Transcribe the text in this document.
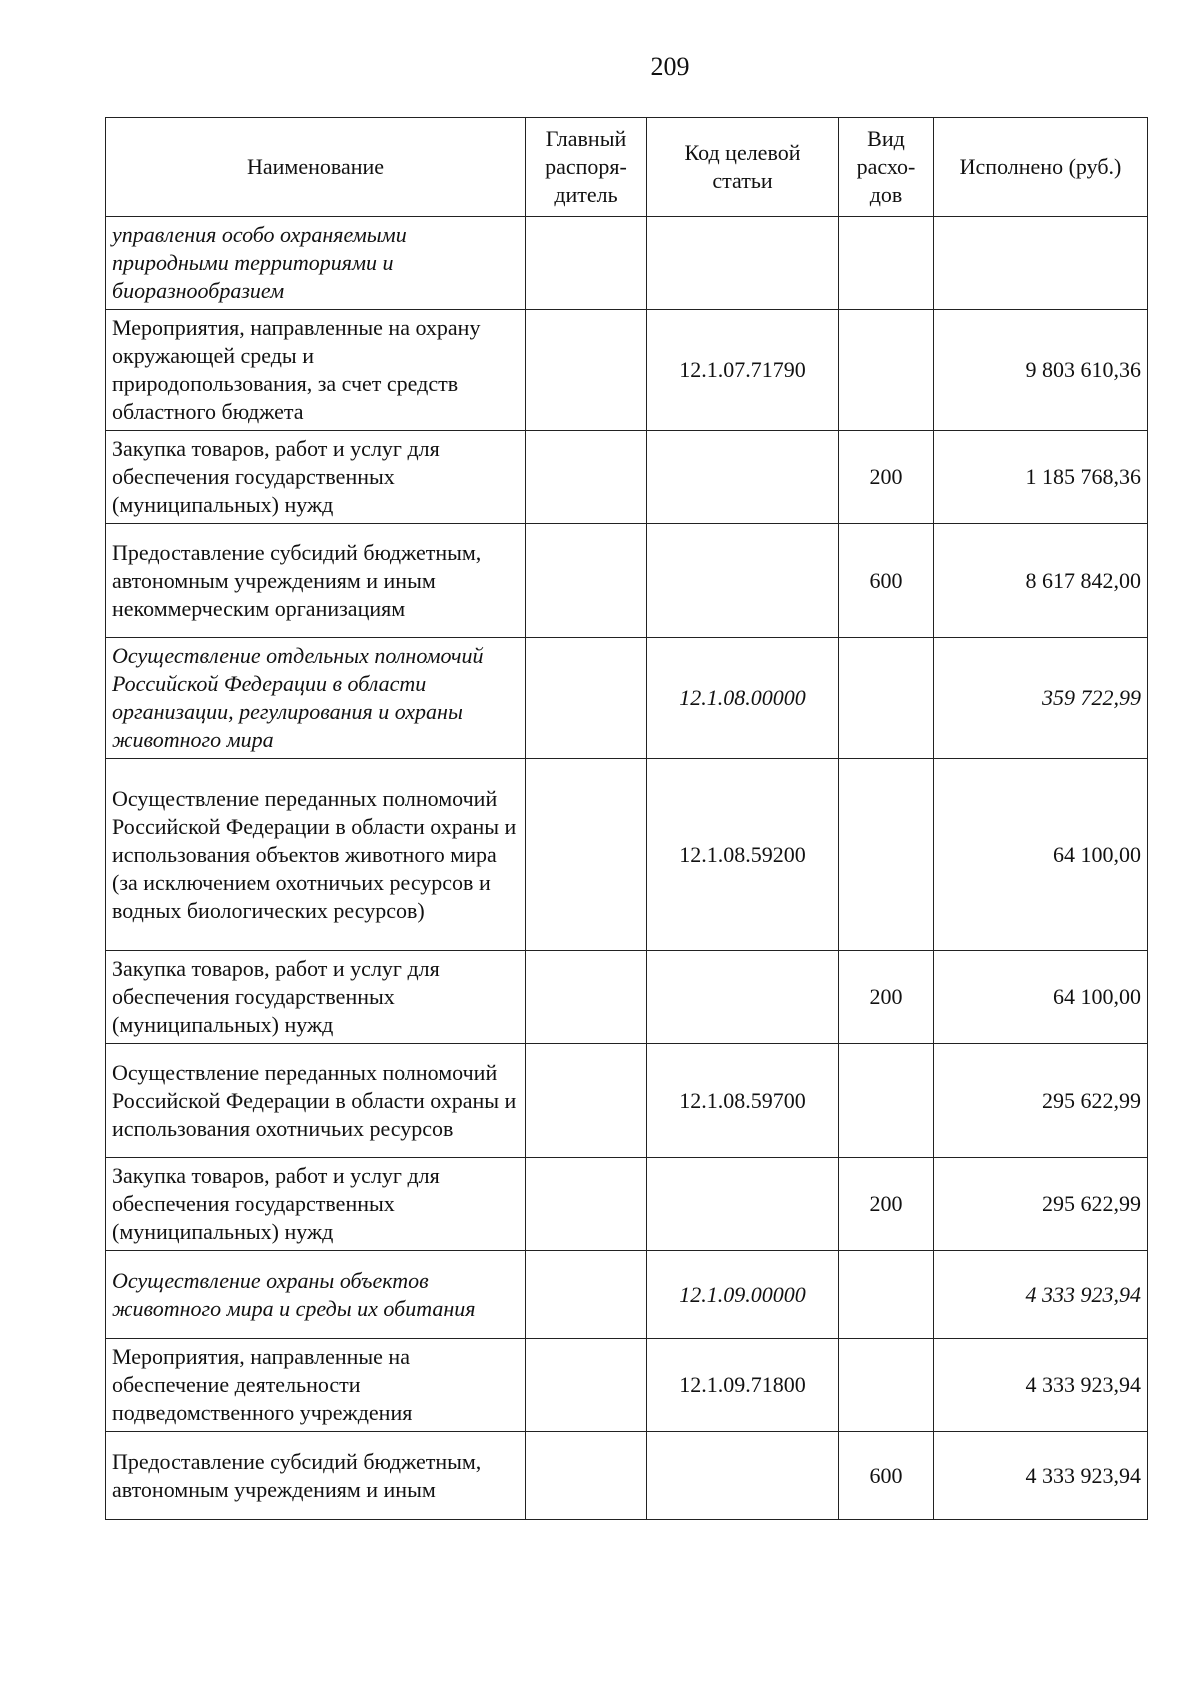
209
Наименование	Главный распоря-дитель	Код целевой статьи	Вид расхо-дов	Исполнено (руб.)
управления особо охраняемыми природными территориями и биоразнообразием				
Мероприятия, направленные на охрану окружающей среды и природопользования, за счет средств областного бюджета		12.1.07.71790		9 803 610,36
Закупка товаров, работ и услуг для обеспечения государственных (муниципальных) нужд			200	1 185 768,36
Предоставление субсидий бюджетным, автономным учреждениям и иным некоммерческим организациям			600	8 617 842,00
Осуществление отдельных полномочий Российской Федерации в области организации, регулирования и охраны животного мира		12.1.08.00000		359 722,99
Осуществление переданных полномочий Российской Федерации в области охраны и использования объектов животного мира (за исключением охотничьих ресурсов и водных биологических ресурсов)		12.1.08.59200		64 100,00
Закупка товаров, работ и услуг для обеспечения государственных (муниципальных) нужд			200	64 100,00
Осуществление переданных полномочий Российской Федерации в области охраны и использования охотничьих ресурсов		12.1.08.59700		295 622,99
Закупка товаров, работ и услуг для обеспечения государственных (муниципальных) нужд			200	295 622,99
Осуществление охраны объектов животного мира и среды их обитания		12.1.09.00000		4 333 923,94
Мероприятия, направленные на обеспечение деятельности подведомственного учреждения		12.1.09.71800		4 333 923,94
Предоставление субсидий бюджетным, автономным учреждениям и иным			600	4 333 923,94
